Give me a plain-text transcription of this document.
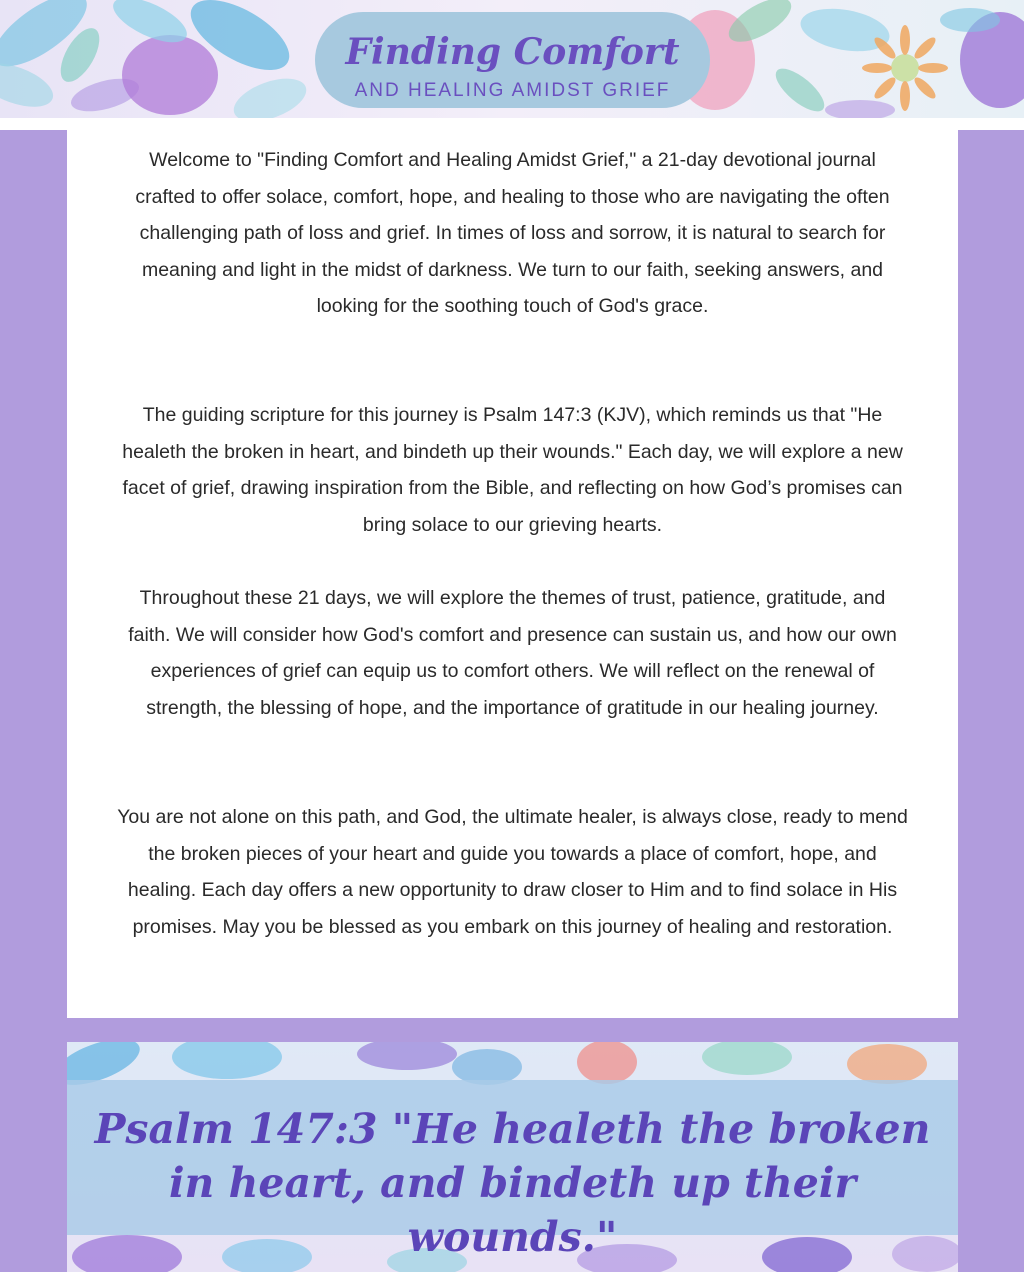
Finding Comfort
AND HEALING AMIDST GRIEF

Welcome to "Finding Comfort and Healing Amidst Grief," a 21-day devotional journal crafted to offer solace, comfort, hope, and healing to those who are navigating the often challenging path of loss and grief. In times of loss and sorrow, it is natural to search for meaning and light in the midst of darkness. We turn to our faith, seeking answers, and looking for the soothing touch of God's grace.

The guiding scripture for this journey is Psalm 147:3 (KJV), which reminds us that "He healeth the broken in heart, and bindeth up their wounds." Each day, we will explore a new facet of grief, drawing inspiration from the Bible, and reflecting on how God’s promises can bring solace to our grieving hearts.

Throughout these 21 days, we will explore the themes of trust, patience, gratitude, and faith. We will consider how God's comfort and presence can sustain us, and how our own experiences of grief can equip us to comfort others. We will reflect on the renewal of strength, the blessing of hope, and the importance of gratitude in our healing journey.

You are not alone on this path, and God, the ultimate healer, is always close, ready to mend the broken pieces of your heart and guide you towards a place of comfort, hope, and healing. Each day offers a new opportunity to draw closer to Him and to find solace in His promises. May you be blessed as you embark on this journey of healing and restoration.

Psalm 147:3 "He healeth the broken in heart, and bindeth up their wounds."
